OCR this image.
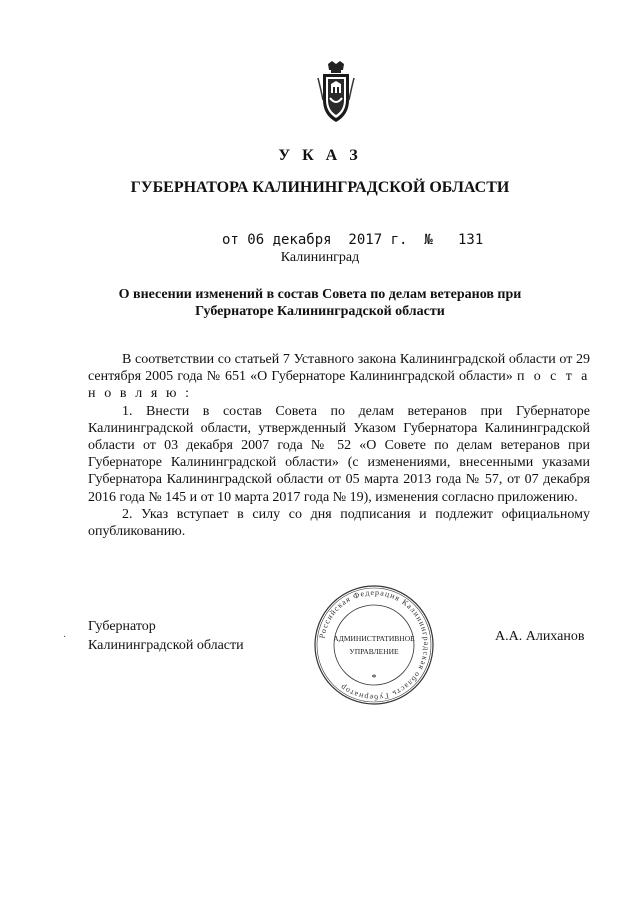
У К А З
ГУБЕРНАТОРА КАЛИНИНГРАДСКОЙ ОБЛАСТИ
от 06 декабря  2017 г.  №   131
Калининград
О внесении изменений в состав Совета по делам ветеранов при
Губернаторе Калининградской области

В соответствии со статьей 7 Уставного закона Калининградской области от 29 сентября 2005 года № 651 «О Губернаторе Калининградской области» п о с т а н о в л я ю :

1. Внести в состав Совета по делам ветеранов при Губернаторе Калининградской области, утвержденный Указом Губернатора Калининградской области от 03 декабря 2007 года № 52 «О Совете по делам ветеранов при Губернаторе Калининградской области» (с изменениями, внесенными указами Губернатора Калининградской области от 05 марта 2013 года № 57, от 07 декабря 2016 года № 145 и от 10 марта 2017 года № 19), изменения согласно приложению.

2. Указ вступает в силу со дня подписания и подлежит официальному опубликованию.

·
Губернатор
Калининградской области
Российская Федерация Калининградская область Губернатор
АДМИНИСТРАТИВНОЕ
УПРАВЛЕНИЕ
*
А.А. Алиханов
